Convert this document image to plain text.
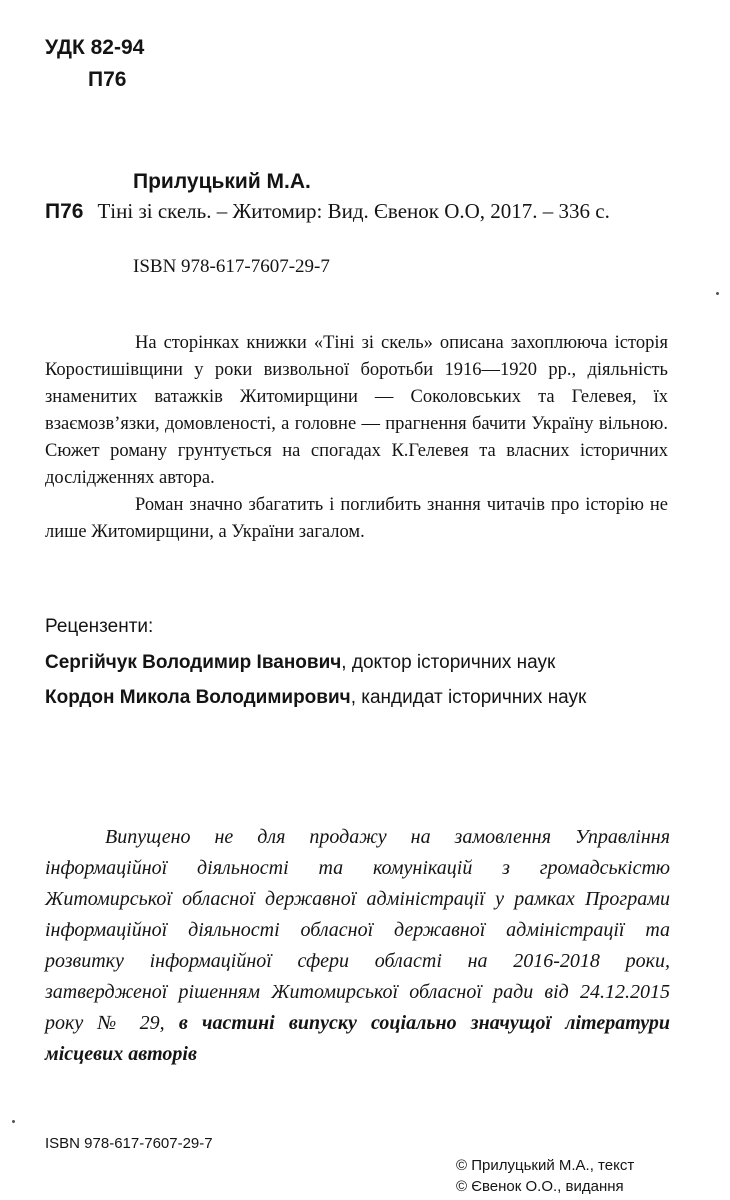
УДК 82-94
П76
Прилуцький М.А.
П76 Тіні зі скель. – Житомир: Вид. Євенок О.О, 2017. – 336 с.
ISBN 978-617-7607-29-7

На сторінках книжки «Тіні зі скель» описана захоплююча історія Коростишівщини у роки визвольної боротьби 1916—1920 рр., діяльність знаменитих ватажків Житомирщини — Соколовських та Гелевея, їх взаємозв’язки, домовленості, а головне — прагнення бачити Україну вільною. Сюжет роману грунтується на спогадах К.Гелевея та власних історичних дослідженнях автора.

Роман значно збагатить і поглибить знання читачів про історію не лише Житомирщини, а України загалом.

Рецензенти:
Сергійчук Володимир Іванович, доктор історичних наук
Кордон Микола Володимирович, кандидат історичних наук

Випущено не для продажу на замовлення Управління інформаційної діяльності та комунікацій з громадськістю Житомирської обласної державної адміністрації у рамках Програми інформаційної діяльності обласної державної адміністрації та розвитку інформаційної сфери області на 2016-2018 роки, затвердженої рішенням Житомирської обласної ради від 24.12.2015 року № 29, в частині випуску соціально значущої літератури місцевих авторів

ISBN 978-617-7607-29-7
© Прилуцький М.А., текст
© Євенок О.О., видання
